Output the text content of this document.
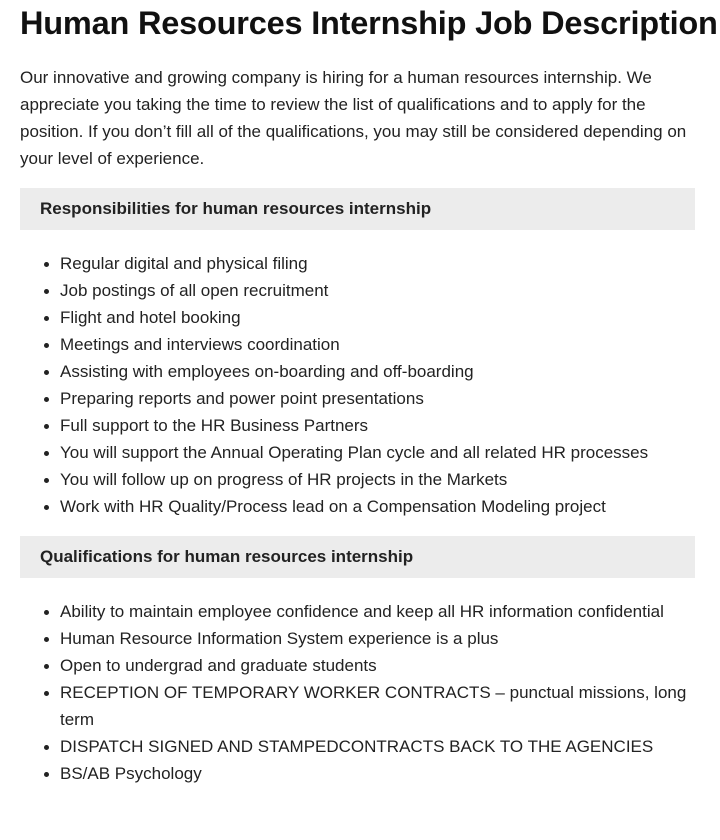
Human Resources Internship Job Description

Our innovative and growing company is hiring for a human resources internship. We appreciate you taking the time to review the list of qualifications and to apply for the position. If you don’t fill all of the qualifications, you may still be considered depending on your level of experience.

Responsibilities for human resources internship
Regular digital and physical filing
Job postings of all open recruitment
Flight and hotel booking
Meetings and interviews coordination
Assisting with employees on-boarding and off-boarding
Preparing reports and power point presentations
Full support to the HR Business Partners
You will support the Annual Operating Plan cycle and all related HR processes
You will follow up on progress of HR projects in the Markets
Work with HR Quality/Process lead on a Compensation Modeling project
Qualifications for human resources internship
Ability to maintain employee confidence and keep all HR information confidential
Human Resource Information System experience is a plus
Open to undergrad and graduate students
RECEPTION OF TEMPORARY WORKER CONTRACTS – punctual missions, long term
DISPATCH SIGNED AND STAMPEDCONTRACTS BACK TO THE AGENCIES
BS/AB Psychology
